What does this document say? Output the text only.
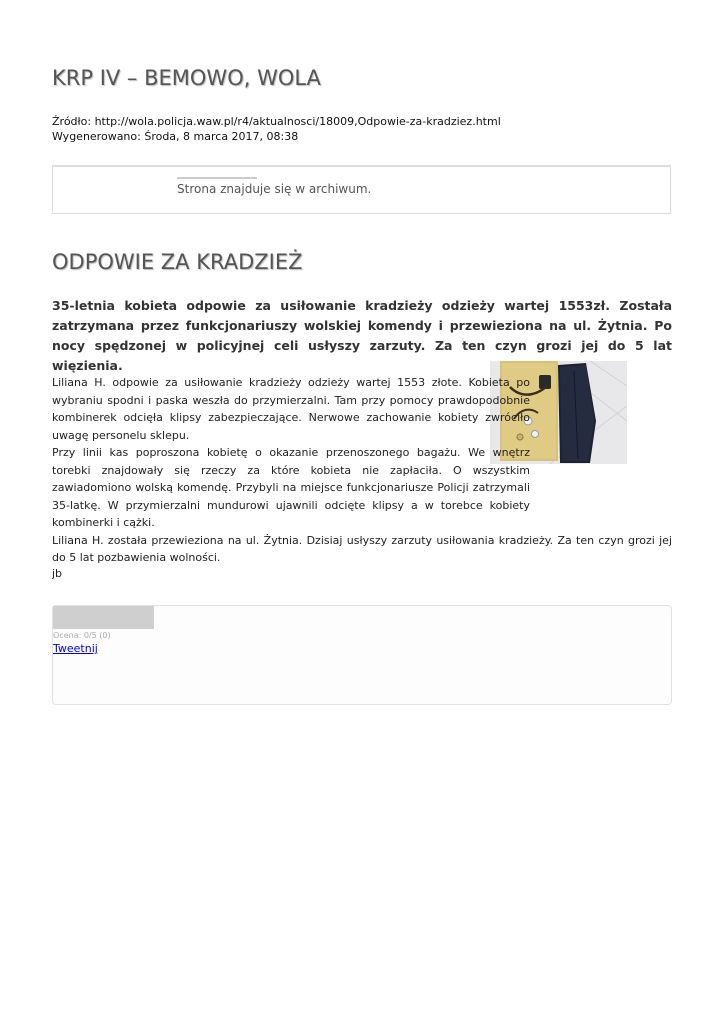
KRP IV – BEMOWO, WOLA
Źródło: http://wola.policja.waw.pl/r4/aktualnosci/18009,Odpowie-za-kradziez.html
Wygenerowano: Środa, 8 marca 2017, 08:38
Strona znajduje się w archiwum.
ODPOWIE ZA KRADZIEŻ

35-letnia kobieta odpowie za usiłowanie kradzieży odzieży wartej 1553zł. Została zatrzymana przez funkcjonariuszy wolskiej komendy i przewieziona na ul. Żytnia. Po nocy spędzonej w policyjnej celi usłyszy zarzuty. Za ten czyn grozi jej do 5 lat więzienia.

Liliana H. odpowie za usiłowanie kradzieży odzieży wartej 1553 złote. Kobieta po wybraniu spodni i paska weszła do przymierzalni. Tam przy pomocy prawdopodobnie kombinerek odcięła klipsy zabezpieczające. Nerwowe zachowanie kobiety zwróciło uwagę personelu sklepu.

Przy linii kas poproszona kobietę o okazanie przenoszonego bagażu. We wnętrz torebki znajdowały się rzeczy za które kobieta nie zapłaciła. O wszystkim zawiadomiono wolską komendę. Przybyli na miejsce funkcjonariusze Policji zatrzymali 35-latkę. W przymierzalni mundurowi ujawnili odcięte klipsy a w torebce kobiety kombinerki i cążki.

Liliana H. została przewieziona na ul. Żytnia. Dzisiaj usłyszy zarzuty usiłowania kradzieży. Za ten czyn grozi jej do 5 lat pozbawienia wolności.

jb
Ocena: 0/5 (0)
Tweetnij
